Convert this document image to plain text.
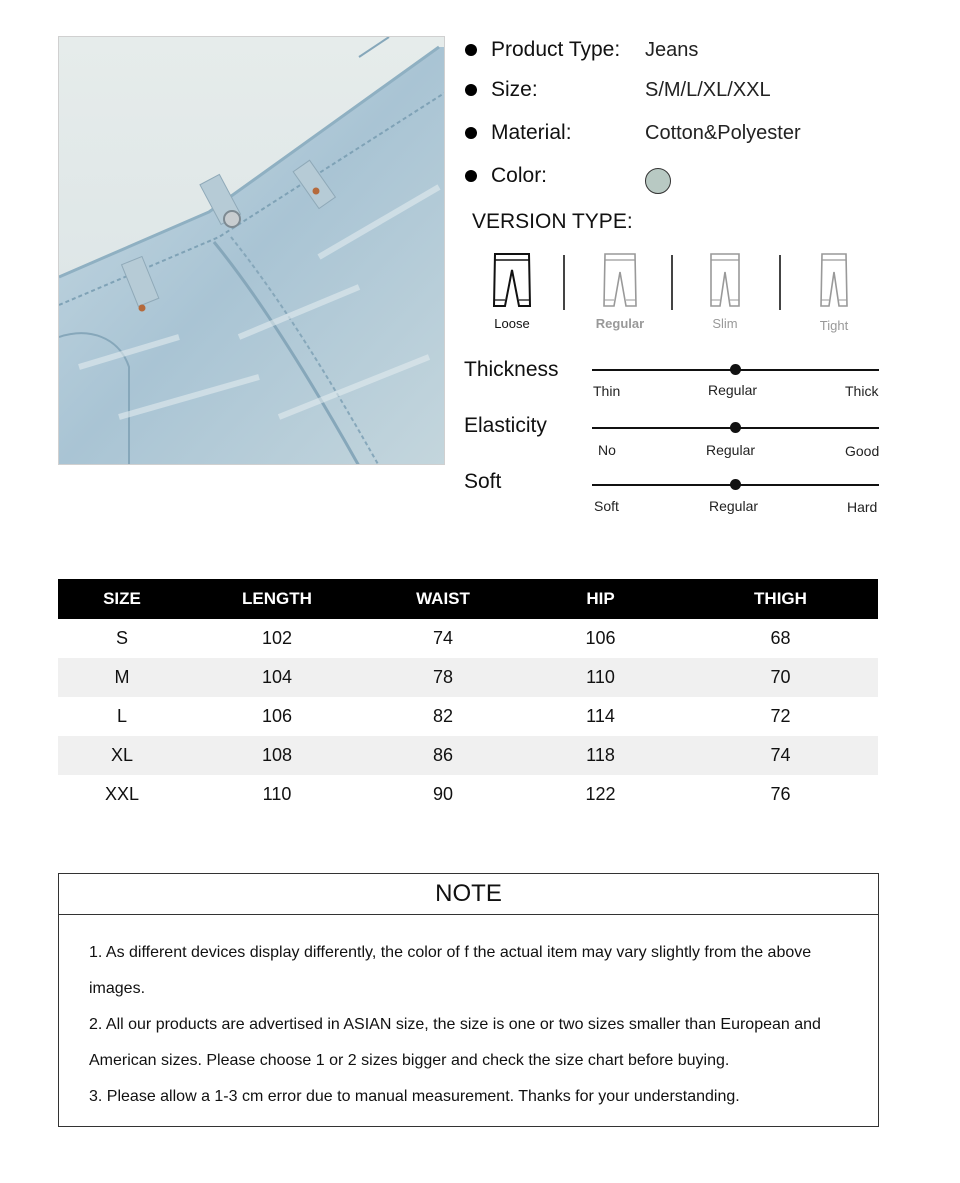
Product Type: Jeans
Size:	S/M/L/XL/XXL
Material:	Cotton&Polyester
Color:
VERSION TYPE:
Loose	Regular	Slim	Tight
Thickness
Thin	Regular	Thick
Elasticity
No	Regular	Good
Soft
Soft	Regular	Hard
SIZE	LENGTH	WAIST	HIP	THIGH
S	102	74	106	68
M	104	78	110	70
L	106	82	114	72
XL	108	86	118	74
XXL	110	90	122	76
NOTE

1. As different devices display differently, the color of f the actual item may vary slightly from the above

images.

2. All our products are advertised in ASIAN size, the size is one or two sizes smaller than European and

American sizes. Please choose 1 or 2 sizes bigger and check the size chart before buying.

3. Please allow a 1-3 cm error due to manual measurement. Thanks for your understanding.
